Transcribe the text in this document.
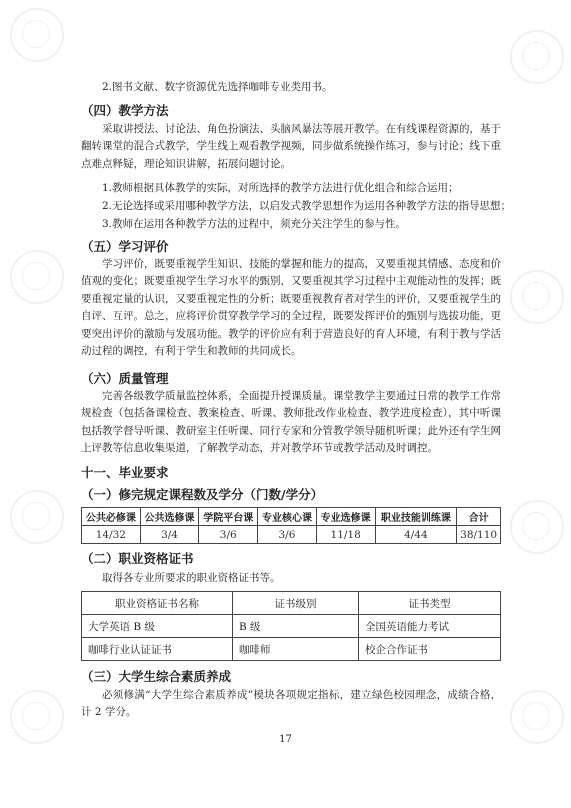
2.图书文献、数字资源优先选择咖啡专业类用书。
（四）教学方法
采取讲授法、讨论法、角色扮演法、头脑风暴法等展开教学。在有线课程资源的，基于翻转课堂的混合式教学，学生线上观看教学视频，同步做系统操作练习，参与讨论；线下重点难点释疑，理论知识讲解，拓展问题讨论。
1.教师根据具体教学的实际，对所选择的教学方法进行优化组合和综合运用；
2.无论选择或采用哪种教学方法，以启发式教学思想作为运用各种教学方法的指导思想；
3.教师在运用各种教学方法的过程中，须充分关注学生的参与性。
（五）学习评价
学习评价，既要重视学生知识、技能的掌握和能力的提高，又要重视其情感、态度和价值观的变化；既要重视学生学习水平的甄别，又要重视其学习过程中主观能动性的发挥；既要重视定量的认识，又要重视定性的分析；既要重视教育者对学生的评价，又要重视学生的自评、互评。总之，应将评价贯穿教学学习的全过程，既要发挥评价的甄别与选拔功能，更要突出评价的激励与发展功能。教学的评价应有利于营造良好的育人环境，有利于教与学活动过程的调控，有利于学生和教师的共同成长。
（六）质量管理
完善各级教学质量监控体系，全面提升授课质量。课堂教学主要通过日常的教学工作常规检查（包括备课检查、教案检查、听课、教师批改作业检查、教学进度检查），其中听课包括教学督导听课、教研室主任听课、同行专家和分管教学领导随机听课；此外还有学生网上评教等信息收集渠道，了解教学动态，并对教学环节或教学活动及时调控。
十一、毕业要求
（一）修完规定课程数及学分（门数/学分）
公共必修课	公共选修课	学院平台课	专业核心课	专业选修课	职业技能训练课	合计
14/32	3/4	3/6	3/6	11/18	4/44	38/110
（二）职业资格证书
取得各专业所要求的职业资格证书等。
职业资格证书名称	证书级别	证书类型
大学英语 B 级	B 级	全国英语能力考试
咖啡行业认证证书	咖啡师	校企合作证书
（三）大学生综合素质养成
必须修满“大学生综合素质养成”模块各项规定指标，建立绿色校园理念，成绩合格，计 2 学分。
17
